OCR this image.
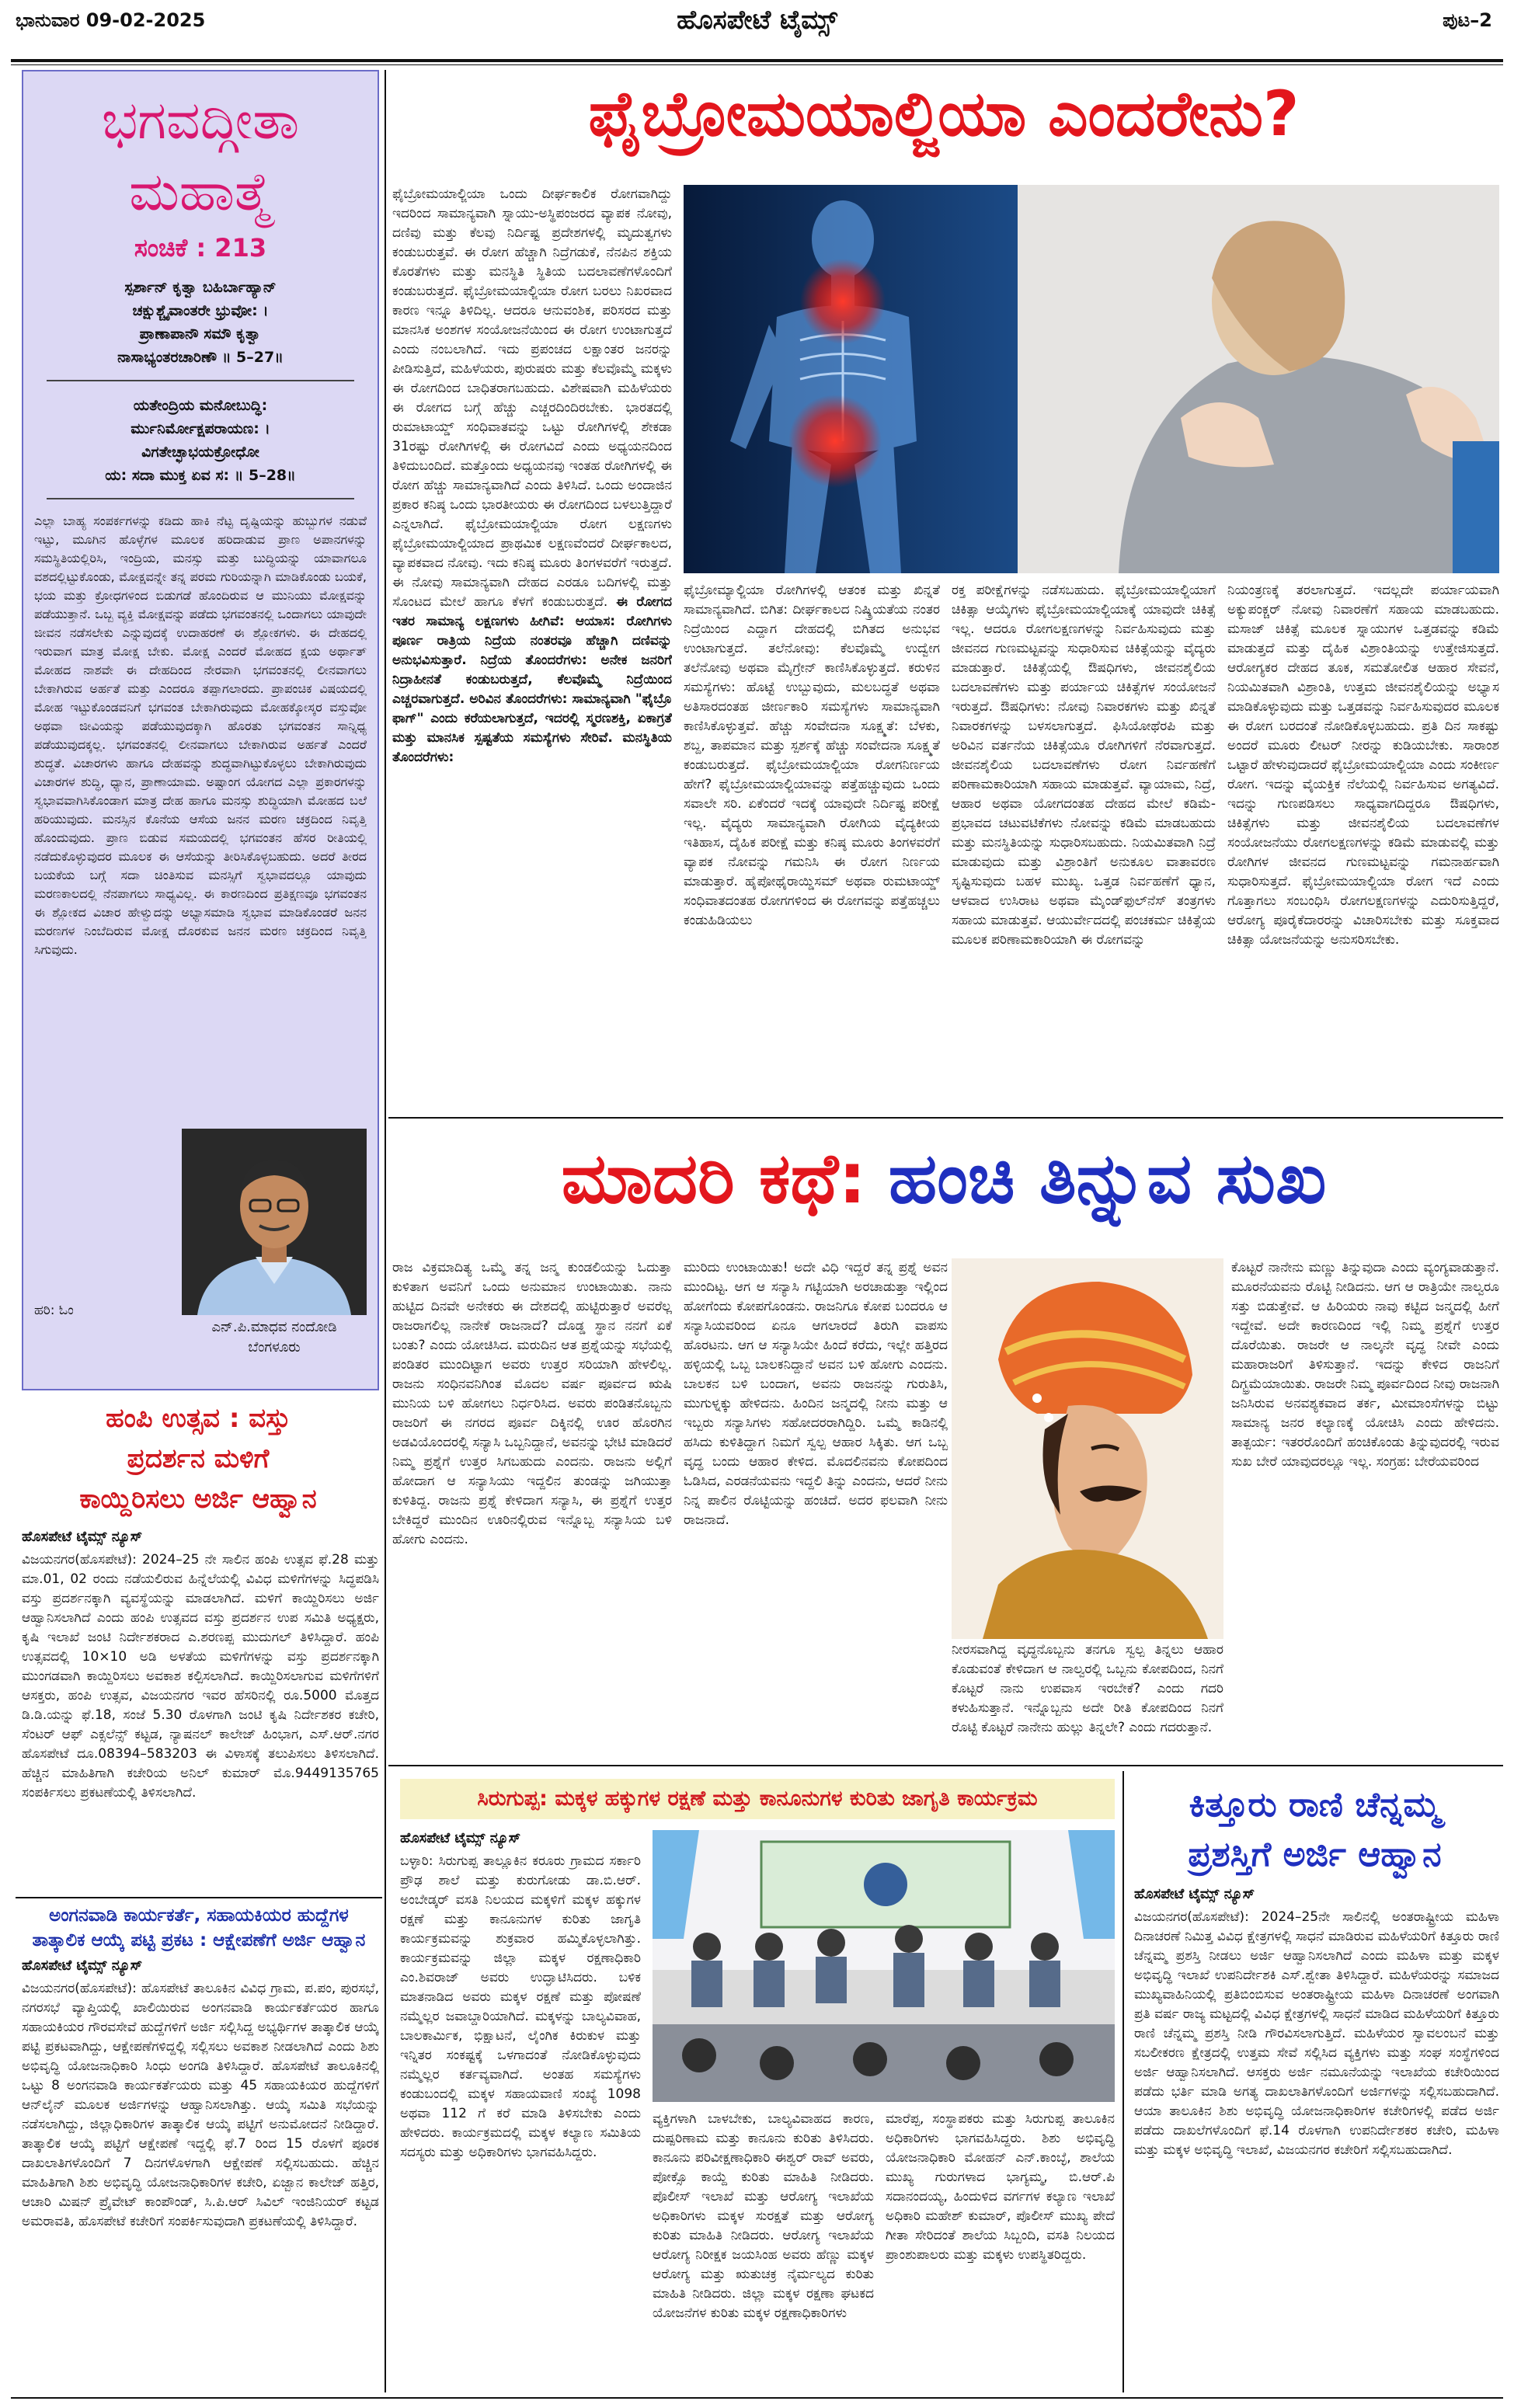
ಭಾನುವಾರ 09-02-2025	ಹೊಸಪೇಟೆ ಟೈಮ್ಸ್	ಪುಟ–2
ಭಗವದ್ಗೀತಾ
ಮಹಾತ್ಮೆ
ಸಂಚಿಕೆ : 213
ಸ್ಪರ್ಶಾನ್ ಕೃತ್ವಾ ಬಹಿರ್ಬಾಹ್ಯಾನ್
ಚಕ್ಷುಶ್ಚೈವಾಂತರೇ ಭ್ರುವೋ: ।
ಪ್ರಾಣಾಪಾನೌ ಸಮೌ ಕೃತ್ವಾ
ನಾಸಾಭ್ಯಂತರಚಾರಿಣೌ ॥ 5–27॥
ಯತೇಂದ್ರಿಯ ಮನೋಬುದ್ಧಿ:
ರ್ಮುನಿರ್ಮೋಕ್ಷಪರಾಯಣ: ।
ವಿಗತೇಚ್ಛಾಭಯಕ್ರೋಧೋ
ಯ: ಸದಾ ಮುಕ್ತ ಏವ ಸ: ॥ 5–28॥
ಎಲ್ಲಾ ಬಾಹ್ಯ ಸಂಪರ್ಕಗಳನ್ನು ಕಡಿದು ಹಾಕಿ ನೆಟ್ಟ ದೃಷ್ಟಿಯನ್ನು ಹುಬ್ಬುಗಳ ನಡುವೆ ಇಟ್ಟು, ಮೂಗಿನ ಹೊಳ್ಳೆಗಳ ಮೂಲಕ ಹರಿದಾಡುವ ಪ್ರಾಣ ಅಪಾನಗಳನ್ನು ಸಮಸ್ಥಿತಿಯಲ್ಲಿರಿಸಿ, ಇಂದ್ರಿಯ, ಮನಸ್ಸು ಮತ್ತು ಬುದ್ಧಿಯನ್ನು ಯಾವಾಗಲೂ ವಶದಲ್ಲಿಟ್ಟುಕೊಂಡು, ಮೋಕ್ಷವನ್ನೇ ತನ್ನ ಪರಮ ಗುರಿಯನ್ನಾಗಿ ಮಾಡಿಕೊಂಡು ಬಯಕೆ, ಭಯ ಮತ್ತು ಕ್ರೋಧಗಳಿಂದ ಬಿಡುಗಡೆ ಹೊಂದಿರುವ ಆ ಮುನಿಯು ಮೋಕ್ಷವನ್ನು ಪಡೆಯುತ್ತಾನೆ. ಒಬ್ಬ ವ್ಯಕ್ತಿ ಮೋಕ್ಷವನ್ನು ಪಡೆದು ಭಗವಂತನಲ್ಲಿ ಒಂದಾಗಲು ಯಾವುದೇ ಜೀವನ ನಡೆಸಲೇಕು ಎನ್ನುವುದಕ್ಕೆ ಉದಾಹರಣೆ ಈ ಶ್ಲೋಕಗಳು. ಈ ದೇಹದಲ್ಲಿ ಇರುವಾಗ ಮಾತ್ರ ಮೋಕ್ಷ ಬೇಕು. ಮೋಕ್ಷ ಎಂದರೆ ಮೋಹದ ಕ್ಷಯ ಅರ್ಥಾತ್ ಮೋಹದ ನಾಶವೇ ಈ ದೇಹದಿಂದ ನೇರವಾಗಿ ಭಗವಂತನಲ್ಲಿ ಲೀನವಾಗಲು ಬೇಕಾಗಿರುವ ಅರ್ಹತೆ ಮತ್ತು ಎಂದರೂ ತಪ್ಪಾಗಲಾರದು. ಪ್ರಾಪಂಚಿಕ ವಿಷಯದಲ್ಲಿ ಮೋಹ ಇಟ್ಟುಕೊಂಡವನಿಗೆ ಭಗವಂತ ಬೇಕಾಗಿರುವುದು ಮೋಹಕ್ಕೋಸ್ಕರ ವಸ್ತುವೋ ಅಥವಾ ಜೀವಿಯನ್ನು ಪಡೆಯುವುದಕ್ಕಾಗಿ ಹೊರತು ಭಗವಂತನ ಸಾನ್ನಿಧ್ಯ ಪಡೆಯುವುದಕ್ಕಲ್ಲ. ಭಗವಂತನಲ್ಲಿ ಲೀನವಾಗಲು ಬೇಕಾಗಿರುವ ಅರ್ಹತೆ ಎಂದರೆ ಶುದ್ಧತೆ. ವಿಚಾರಗಳು ಹಾಗೂ ದೇಹವನ್ನು ಶುದ್ಧವಾಗಿಟ್ಟುಕೊಳ್ಳಲು ಬೇಕಾಗಿರುವುದು ವಿಚಾರಗಳ ಶುದ್ಧಿ, ಧ್ಯಾನ, ಪ್ರಾಣಾಯಾಮ. ಅಷ್ಟಾಂಗ ಯೋಗದ ಎಲ್ಲಾ ಪ್ರಕಾರಗಳನ್ನು ಸ್ವಭಾವವಾಗಿಸಿಕೊಂಡಾಗ ಮಾತ್ರ ದೇಹ ಹಾಗೂ ಮನಸ್ಸು ಶುದ್ಧಿಯಾಗಿ ಮೋಹದ ಬಲೆ ಹರಿಯುವುದು. ಮನಸ್ಸಿನ ಕೊನೆಯ ಆಸೆಯ ಜನನ ಮರಣ ಚಕ್ರದಿಂದ ನಿವೃತ್ತಿ ಹೊಂದುವುದು. ಪ್ರಾಣ ಬಿಡುವ ಸಮಯದಲ್ಲಿ ಭಗವಂತನ ಹೆಸರ ರೀತಿಯಲ್ಲಿ ನಡೆದುಕೊಳ್ಳುವುದರ ಮೂಲಕ ಈ ಆಸೆಯನ್ನು ತೀರಿಸಿಕೊಳ್ಳಬಹುದು. ಅದರೆ ತೀರದ ಬಯಕೆಯ ಬಗ್ಗೆ ಸದಾ ಚಿಂತಿಸುವ ಮನಸ್ಸಿಗೆ ಸ್ವಭಾವದಲ್ಲೂ ಯಾವುದು ಮರಣಕಾಲದಲ್ಲಿ ನೆನಪಾಗಲು ಸಾಧ್ಯವಿಲ್ಲ. ಈ ಕಾರಣದಿಂದ ಪ್ರತಿಕ್ಷಣವೂ ಭಗವಂತನ ಈ ಶ್ಲೋಕದ ವಿಚಾರ ಹೇಳ್ವುದನ್ನು ಅಭ್ಯಾಸಮಾಡಿ ಸ್ವಭಾವ ಮಾಡಿಕೊಂಡರೆ ಜನನ ಮರಣಗಳ ನಿಂಬೆದಿರುವ ಮೋಕ್ಷ ದೊರಕುವ ಜನನ ಮರಣ ಚಕ್ರದಿಂದ ನಿವೃತ್ತಿ ಸಿಗುವುದು.
ಹರಿ: ಓಂ
ಎನ್.ಪಿ.ಮಾಧವ ನಂದೋಡಿ
ಬೆಂಗಳೂರು
ಫೈಬ್ರೋಮಯಾಲ್ಜಿಯಾ ಎಂದರೇನು?
ಫೈಬ್ರೋಮಯಾಲ್ಜಿಯಾ ಒಂದು ದೀರ್ಘಕಾಲಿಕ ರೋಗವಾಗಿದ್ದು ಇದರಿಂದ ಸಾಮಾನ್ಯವಾಗಿ ಸ್ನಾಯು-ಅಸ್ಥಿಪಂಜರದ ವ್ಯಾಪಕ ನೋವು, ದಣಿವು ಮತ್ತು ಕೆಲವು ನಿರ್ದಿಷ್ಟ ಪ್ರದೇಶಗಳಲ್ಲಿ ಮೃದುತ್ವಗಳು ಕಂಡುಬರುತ್ತವೆ. ಈ ರೋಗ ಹೆಚ್ಚಾಗಿ ನಿದ್ರೆಗಡುಕೆ, ನೆನಪಿನ ಶಕ್ತಿಯ ಕೊರತೆಗಳು ಮತ್ತು ಮನಸ್ಥಿತಿ ಸ್ಥಿತಿಯ ಬದಲಾವಣೆಗಳೊಂದಿಗೆ ಕಂಡುಬರುತ್ತದೆ. ಫೈಬ್ರೋಮಯಾಲ್ಜಿಯಾ ರೋಗ ಬರಲು ನಿಖರವಾದ ಕಾರಣ ಇನ್ನೂ ತಿಳಿದಿಲ್ಲ. ಆದರೂ ಆನುವಂಶಿಕ, ಪರಿಸರದ ಮತ್ತು ಮಾನಸಿಕ ಅಂಶಗಳ ಸಂಯೋಜನೆಯಿಂದ ಈ ರೋಗ ಉಂಟಾಗುತ್ತದೆ ಎಂದು ನಂಬಲಾಗಿದೆ. ಇದು ಪ್ರಪಂಚದ ಲಕ್ಷಾಂತರ ಜನರನ್ನು ಪೀಡಿಸುತ್ತಿದೆ, ಮಹಿಳೆಯರು, ಪುರುಷರು ಮತ್ತು ಕೆಲವೊಮ್ಮೆ ಮಕ್ಕಳು ಈ ರೋಗದಿಂದ ಬಾಧಿತರಾಗಬಹುದು. ವಿಶೇಷವಾಗಿ ಮಹಿಳೆಯರು ಈ ರೋಗದ ಬಗ್ಗೆ ಹೆಚ್ಚು ಎಚ್ಚರದಿಂದಿರಬೇಕು. ಭಾರತದಲ್ಲಿ ರುಮಾಟಾಯ್ಡ್ ಸಂಧಿವಾತವನ್ನು ಒಟ್ಟು ರೋಗಿಗಳಲ್ಲಿ ಶೇಕಡಾ 31ರಷ್ಟು ರೋಗಿಗಳಲ್ಲಿ ಈ ರೋಗವಿದೆ ಎಂದು ಅಧ್ಯಯನದಿಂದ ತಿಳಿದುಬಂದಿದೆ. ಮತ್ತೊಂದು ಅಧ್ಯಯನವು ಇಂತಹ ರೋಗಿಗಳಲ್ಲಿ ಈ ರೋಗ ಹೆಚ್ಚು ಸಾಮಾನ್ಯವಾಗಿದೆ ಎಂದು ತಿಳಿಸಿದೆ. ಒಂದು ಅಂದಾಜಿನ ಪ್ರಕಾರ ಕನಿಷ್ಠ ಒಂದು ಭಾರತೀಯರು ಈ ರೋಗದಿಂದ ಬಳಲುತ್ತಿದ್ದಾರೆ ಎನ್ನಲಾಗಿದೆ. ಫೈಬ್ರೋಮಯಾಲ್ಜಿಯಾ ರೋಗ ಲಕ್ಷಣಗಳು ಫೈಬ್ರೋಮಯಾಲ್ಜಿಯಾದ ಪ್ರಾಥಮಿಕ ಲಕ್ಷಣವೆಂದರೆ ದೀರ್ಘಕಾಲದ, ವ್ಯಾಪಕವಾದ ನೋವು. ಇದು ಕನಿಷ್ಠ ಮೂರು ತಿಂಗಳವರೆಗೆ ಇರುತ್ತದೆ. ಈ ನೋವು ಸಾಮಾನ್ಯವಾಗಿ ದೇಹದ ಎರಡೂ ಬದಿಗಳಲ್ಲಿ ಮತ್ತು ಸೊಂಟದ ಮೇಲೆ ಹಾಗೂ ಕೆಳಗೆ ಕಂಡುಬರುತ್ತದೆ. ಈ ರೋಗದ ಇತರ ಸಾಮಾನ್ಯ ಲಕ್ಷಣಗಳು ಹೀಗಿವೆ: ಆಯಾಸ: ರೋಗಿಗಳು ಪೂರ್ಣ ರಾತ್ರಿಯ ನಿದ್ರೆಯ ನಂತರವೂ ಹೆಚ್ಚಾಗಿ ದಣಿವನ್ನು ಅನುಭವಿಸುತ್ತಾರೆ. ನಿದ್ರೆಯ ತೊಂದರೆಗಳು: ಅನೇಕ ಜನರಿಗೆ ನಿದ್ರಾಹೀನತೆ ಕಂಡುಬರುತ್ತದೆ, ಕೆಲವೊಮ್ಮೆ ನಿದ್ರೆಯಿಂದ ಎಚ್ಚರವಾಗುತ್ತದೆ. ಅರಿವಿನ ತೊಂದರೆಗಳು: ಸಾಮಾನ್ಯವಾಗಿ "ಫೈಬ್ರೊ ಫಾಗ್" ಎಂದು ಕರೆಯಲಾಗುತ್ತದೆ, ಇದರಲ್ಲಿ ಸ್ಮರಣಶಕ್ತಿ, ಏಕಾಗ್ರತೆ ಮತ್ತು ಮಾನಸಿಕ ಸ್ಪಷ್ಟತೆಯ ಸಮಸ್ಯೆಗಳು ಸೇರಿವೆ. ಮನಸ್ಥಿತಿಯ ತೊಂದರೆಗಳು:
ಫೈಬ್ರೋಮ್ಯಾಲ್ಜಿಯಾ ರೋಗಿಗಳಲ್ಲಿ ಆತಂಕ ಮತ್ತು ಖಿನ್ನತೆ ಸಾಮಾನ್ಯವಾಗಿದೆ. ಬಿಗಿತ: ದೀರ್ಘಕಾಲದ ನಿಷ್ಕ್ರಿಯತೆಯ ನಂತರ ನಿದ್ರೆಯಿಂದ ಎದ್ದಾಗ ದೇಹದಲ್ಲಿ ಬಿಗಿತದ ಅನುಭವ ಉಂಟಾಗುತ್ತದೆ. ತಲೆನೋವು: ಕೆಲವೊಮ್ಮೆ ಉದ್ವೇಗ ತಲೆನೋವು ಅಥವಾ ಮೈಗ್ರೇನ್ ಕಾಣಿಸಿಕೊಳ್ಳುತ್ತದೆ. ಕರುಳಿನ ಸಮಸ್ಯೆಗಳು: ಹೊಟ್ಟೆ ಉಬ್ಬುವುದು, ಮಲಬದ್ಧತೆ ಅಥವಾ ಅತಿಸಾರದಂತಹ ಜೀರ್ಣಕಾರಿ ಸಮಸ್ಯೆಗಳು ಸಾಮಾನ್ಯವಾಗಿ ಕಾಣಿಸಿಕೊಳ್ಳುತ್ತವೆ. ಹೆಚ್ಚು ಸಂವೇದನಾ ಸೂಕ್ಷ್ಮತೆ: ಬೆಳಕು, ಶಬ್ದ, ತಾಪಮಾನ ಮತ್ತು ಸ್ಪರ್ಶಕ್ಕೆ ಹೆಚ್ಚು ಸಂವೇದನಾ ಸೂಕ್ಷ್ಮತೆ ಕಂಡುಬರುತ್ತದೆ. ಫೈಬ್ರೋಮಯಾಲ್ಜಿಯಾ ರೋಗನಿರ್ಣಯ ಹೇಗೆ? ಫೈಬ್ರೋಮಯಾಲ್ಜಿಯಾವನ್ನು ಪತ್ತೆಹಚ್ಚುವುದು ಒಂದು ಸವಾಲೇ ಸರಿ. ಏಕೆಂದರೆ ಇದಕ್ಕೆ ಯಾವುದೇ ನಿರ್ದಿಷ್ಟ ಪರೀಕ್ಷೆ ಇಲ್ಲ. ವೈದ್ಯರು ಸಾಮಾನ್ಯವಾಗಿ ರೋಗಿಯ ವೈದ್ಯಕೀಯ ಇತಿಹಾಸ, ದೈಹಿಕ ಪರೀಕ್ಷೆ ಮತ್ತು ಕನಿಷ್ಠ ಮೂರು ತಿಂಗಳವರೆಗೆ ವ್ಯಾಪಕ ನೋವನ್ನು ಗಮನಿಸಿ ಈ ರೋಗ ನಿರ್ಣಯ ಮಾಡುತ್ತಾರೆ. ಹೈಪೋಥೈರಾಯ್ಡಿಸಮ್ ಅಥವಾ ರುಮಟಾಯ್ಡ್ ಸಂಧಿವಾತದಂತಹ ರೋಗಗಳಿಂದ ಈ ರೋಗವನ್ನು ಪತ್ತೆಹಚ್ಚಲು ಕಂಡುಹಿಡಿಯಲು
ರಕ್ತ ಪರೀಕ್ಷೆಗಳನ್ನು ನಡೆಸಬಹುದು. ಫೈಬ್ರೋಮಯಾಲ್ಜಿಯಾಗೆ ಚಿಕಿತ್ಸಾ ಆಯ್ಕೆಗಳು ಫೈಬ್ರೋಮಯಾಲ್ಜಿಯಾಕ್ಕೆ ಯಾವುದೇ ಚಿಕಿತ್ಸೆ ಇಲ್ಲ. ಆದರೂ ರೋಗಲಕ್ಷಣಗಳನ್ನು ನಿರ್ವಹಿಸುವುದು ಮತ್ತು ಜೀವನದ ಗುಣಮಟ್ಟವನ್ನು ಸುಧಾರಿಸುವ ಚಿಕಿತ್ಸೆಯನ್ನು ವೈದ್ಯರು ಮಾಡುತ್ತಾರೆ. ಚಿಕಿತ್ಸೆಯಲ್ಲಿ ಔಷಧಿಗಳು, ಜೀವನಶೈಲಿಯ ಬದಲಾವಣೆಗಳು ಮತ್ತು ಪರ್ಯಾಯ ಚಿಕಿತ್ಸೆಗಳ ಸಂಯೋಜನೆ ಇರುತ್ತದೆ. ಔಷಧಿಗಳು: ನೋವು ನಿವಾರಕಗಳು ಮತ್ತು ಖಿನ್ನತೆ ನಿವಾರಕಗಳನ್ನು ಬಳಸಲಾಗುತ್ತದೆ. ಫಿಸಿಯೋಥೆರಪಿ ಮತ್ತು ಅರಿವಿನ ವರ್ತನೆಯ ಚಿಕಿತ್ಸೆಯೂ ರೋಗಿಗಳಿಗೆ ನೆರವಾಗುತ್ತದೆ. ಜೀವನಶೈಲಿಯ ಬದಲಾವಣೆಗಳು ರೋಗ ನಿರ್ವಹಣೆಗೆ ಪರಿಣಾಮಕಾರಿಯಾಗಿ ಸಹಾಯ ಮಾಡುತ್ತವೆ. ವ್ಯಾಯಾಮ, ನಿದ್ರೆ, ಆಹಾರ ಅಥವಾ ಯೋಗದಂತಹ ದೇಹದ ಮೇಲೆ ಕಡಿಮೆ-ಪ್ರಭಾವದ ಚಟುವಟಿಕೆಗಳು ನೋವನ್ನು ಕಡಿಮೆ ಮಾಡಬಹುದು ಮತ್ತು ಮನಸ್ಥಿತಿಯನ್ನು ಸುಧಾರಿಸಬಹುದು. ನಿಯಮಿತವಾಗಿ ನಿದ್ರೆ ಮಾಡುವುದು ಮತ್ತು ವಿಶ್ರಾಂತಿಗೆ ಅನುಕೂಲ ವಾತಾವರಣ ಸೃಷ್ಟಿಸುವುದು ಬಹಳ ಮುಖ್ಯ. ಒತ್ತಡ ನಿರ್ವಹಣೆಗೆ ಧ್ಯಾನ, ಆಳವಾದ ಉಸಿರಾಟ ಅಥವಾ ಮೈಂಡ್‌ಫುಲ್‌ನೆಸ್ ತಂತ್ರಗಳು ಸಹಾಯ ಮಾಡುತ್ತವೆ. ಆಯುರ್ವೇದದಲ್ಲಿ ಪಂಚಕರ್ಮ ಚಿಕಿತ್ಸೆಯ ಮೂಲಕ ಪರಿಣಾಮಕಾರಿಯಾಗಿ ಈ ರೋಗವನ್ನು
ನಿಯಂತ್ರಣಕ್ಕೆ ತರಲಾಗುತ್ತದೆ. ಇದಲ್ಲದೇ ಪರ್ಯಾಯವಾಗಿ ಅಕ್ಯುಪಂಕ್ಚರ್ ನೋವು ನಿವಾರಣೆಗೆ ಸಹಾಯ ಮಾಡಬಹುದು. ಮಸಾಜ್ ಚಿಕಿತ್ಸೆ ಮೂಲಕ ಸ್ನಾಯುಗಳ ಒತ್ತಡವನ್ನು ಕಡಿಮೆ ಮಾಡುತ್ತದೆ ಮತ್ತು ದೈಹಿಕ ವಿಶ್ರಾಂತಿಯನ್ನು ಉತ್ತೇಜಿಸುತ್ತದೆ. ಆರೋಗ್ಯಕರ ದೇಹದ ತೂಕ, ಸಮತೋಲಿತ ಆಹಾರ ಸೇವನೆ, ನಿಯಮಿತವಾಗಿ ವಿಶ್ರಾಂತಿ, ಉತ್ತಮ ಜೀವನಶೈಲಿಯನ್ನು ಅಭ್ಯಾಸ ಮಾಡಿಕೊಳ್ಳುವುದು ಮತ್ತು ಒತ್ತಡವನ್ನು ನಿರ್ವಹಿಸುವುದರ ಮೂಲಕ ಈ ರೋಗ ಬರದಂತೆ ನೋಡಿಕೊಳ್ಳಬಹುದು. ಪ್ರತಿ ದಿನ ಸಾಕಷ್ಟು ಅಂದರೆ ಮೂರು ಲೀಟರ್ ನೀರನ್ನು ಕುಡಿಯಬೇಕು. ಸಾರಾಂಶ ಒಟ್ಟಾರೆ ಹೇಳುವುದಾದರೆ ಫೈಬ್ರೋಮಯಾಲ್ಜಿಯಾ ಎಂದು ಸಂಕೀರ್ಣ ರೋಗ. ಇದನ್ನು ವೈಯಕ್ತಿಕ ನೆಲೆಯಲ್ಲಿ ನಿರ್ವಹಿಸುವ ಅಗತ್ಯವಿದೆ. ಇದನ್ನು ಗುಣಪಡಿಸಲು ಸಾಧ್ಯವಾಗದಿದ್ದರೂ ಔಷಧಿಗಳು, ಚಿಕಿತ್ಸೆಗಳು ಮತ್ತು ಜೀವನಶೈಲಿಯ ಬದಲಾವಣೆಗಳ ಸಂಯೋಜನೆಯು ರೋಗಲಕ್ಷಣಗಳನ್ನು ಕಡಿಮೆ ಮಾಡುವಲ್ಲಿ ಮತ್ತು ರೋಗಿಗಳ ಜೀವನದ ಗುಣಮಟ್ಟವನ್ನು ಗಮನಾರ್ಹವಾಗಿ ಸುಧಾರಿಸುತ್ತದೆ. ಫೈಬ್ರೋಮಯಾಲ್ಜಿಯಾ ರೋಗ ಇದೆ ಎಂದು ಗೊತ್ತಾಗಲು ಸಂಬಂಧಿಸಿ ರೋಗಲಕ್ಷಣಗಳನ್ನು ಎದುರಿಸುತ್ತಿದ್ದರೆ, ಆರೋಗ್ಯ ಪೂರೈಕೆದಾರರನ್ನು ವಿಚಾರಿಸಬೇಕು ಮತ್ತು ಸೂಕ್ತವಾದ ಚಿಕಿತ್ಸಾ ಯೋಜನೆಯನ್ನು ಅನುಸರಿಸಬೇಕು.
ಮಾದರಿ ಕಥೆ: ಹಂಚಿ ತಿನ್ನುವ ಸುಖ
ರಾಜ ವಿಕ್ರಮಾದಿತ್ಯ ಒಮ್ಮೆ ತನ್ನ ಜನ್ಮ ಕುಂಡಲಿಯನ್ನು ಓದುತ್ತಾ ಕುಳಿತಾಗ ಅವನಿಗೆ ಒಂದು ಅನುಮಾನ ಉಂಟಾಯಿತು. ನಾನು ಹುಟ್ಟಿದ ದಿನವೇ ಅನೇಕರು ಈ ದೇಶದಲ್ಲಿ ಹುಟ್ಟಿರುತ್ತಾರೆ ಅವರೆಲ್ಲ ರಾಜರಾಗಲಿಲ್ಲ ನಾನೇಕೆ ರಾಜನಾದೆ? ದೊಡ್ಡ ಸ್ಥಾನ ನನಗೆ ಏಕೆ ಬಂತು? ಎಂದು ಯೋಚಿಸಿದ. ಮರುದಿನ ಆತ ಪ್ರಶ್ನೆಯನ್ನು ಸಭೆಯಲ್ಲಿ ಪಂಡಿತರ ಮುಂದಿಟ್ಟಾಗ ಅವರು ಉತ್ತರ ಸರಿಯಾಗಿ ಹೇಳಲಿಲ್ಲ. ರಾಜನು ಸಂಧಿನವನಿಗಿಂತ ಮೊದಲ ವರ್ಷ ಪೂರ್ವದ ಋಷಿ ಮುನಿಯ ಬಳಿ ಹೋಗಲು ನಿರ್ಧರಿಸಿದ. ಅವರು ಪಂಡಿತನೊಬ್ಬನು ರಾಜರಿಗೆ ಈ ನಗರದ ಪೂರ್ವ ದಿಕ್ಕಿನಲ್ಲಿ ಊರ ಹೊರಗಿನ ಅಡವಿಯೊಂದರಲ್ಲಿ ಸನ್ಯಾಸಿ ಒಬ್ಬನಿದ್ದಾನೆ, ಅವನನ್ನು ಭೇಟಿ ಮಾಡಿದರೆ ನಿಮ್ಮ ಪ್ರಶ್ನೆಗೆ ಉತ್ತರ ಸಿಗಬಹುದು ಎಂದನು. ರಾಜನು ಅಲ್ಲಿಗೆ ಹೋದಾಗ ಆ ಸನ್ಯಾಸಿಯು ಇದ್ದಲಿನ ತುಂಡನ್ನು ಜಗಿಯುತ್ತಾ ಕುಳಿತಿದ್ದ. ರಾಜನು ಪ್ರಶ್ನೆ ಕೇಳಿದಾಗ ಸನ್ಯಾಸಿ, ಈ ಪ್ರಶ್ನೆಗೆ ಉತ್ತರ ಬೇಕಿದ್ದರೆ ಮುಂದಿನ ಊರಿನಲ್ಲಿರುವ ಇನ್ನೊಬ್ಬ ಸನ್ಯಾಸಿಯ ಬಳಿ ಹೋಗು ಎಂದನು.
ಮುರಿದು ಉಂಟಾಯಿತು! ಅದೇ ವಿಧಿ ಇದ್ದರೆ ತನ್ನ ಪ್ರಶ್ನೆ ಅವನ ಮುಂದಿಟ್ಟ. ಆಗ ಆ ಸನ್ಯಾಸಿ ಗಟ್ಟಿಯಾಗಿ ಅರಚಾಡುತ್ತಾ ಇಲ್ಲಿಂದ ಹೋಗೆಂದು ಕೋಪಗೊಂಡನು. ರಾಜನಿಗೂ ಕೋಪ ಬಂದರೂ ಆ ಸನ್ಯಾಸಿಯವರಿಂದ ಏನೂ ಆಗಲಾರದೆ ತಿರುಗಿ ವಾಪಸು ಹೊರಟನು. ಆಗ ಆ ಸನ್ಯಾಸಿಯೇ ಹಿಂದೆ ಕರೆದು, ಇಲ್ಲೇ ಹತ್ತಿರದ ಹಳ್ಳಿಯಲ್ಲಿ ಒಬ್ಬ ಬಾಲಕನಿದ್ದಾನೆ ಅವನ ಬಳಿ ಹೋಗು ಎಂದನು. ಬಾಲಕನ ಬಳಿ ಬಂದಾಗ, ಅವನು ರಾಜನನ್ನು ಗುರುತಿಸಿ, ಮುಗುಳ್ನಕ್ಕು ಹೇಳಿದನು. ಹಿಂದಿನ ಜನ್ಮದಲ್ಲಿ ನೀನು ಮತ್ತು ಆ ಇಬ್ಬರು ಸನ್ಯಾಸಿಗಳು ಸಹೋದರರಾಗಿದ್ದಿರಿ. ಒಮ್ಮೆ ಕಾಡಿನಲ್ಲಿ ಹಸಿದು ಕುಳಿತಿದ್ದಾಗ ನಿಮಗೆ ಸ್ವಲ್ಪ ಆಹಾರ ಸಿಕ್ಕಿತು. ಆಗ ಒಬ್ಬ ವೃದ್ಧ ಬಂದು ಆಹಾರ ಕೇಳಿದ. ಮೊದಲಿನವನು ಕೋಪದಿಂದ ಓಡಿಸಿದ, ಎರಡನೆಯವನು ಇದ್ದಲಿ ತಿನ್ನು ಎಂದನು, ಆದರೆ ನೀನು ನಿನ್ನ ಪಾಲಿನ ರೊಟ್ಟಿಯನ್ನು ಹಂಚಿದೆ. ಅದರ ಫಲವಾಗಿ ನೀನು ರಾಜನಾದೆ.
ನೀರಸವಾಗಿದ್ದ ವೃದ್ಧನೊಬ್ಬನು ತನಗೂ ಸ್ವಲ್ಪ ತಿನ್ನಲು ಆಹಾರ ಕೊಡುವಂತೆ ಕೇಳಿದಾಗ ಆ ನಾಲ್ವರಲ್ಲಿ ಒಬ್ಬನು ಕೋಪದಿಂದ, ನಿನಗೆ ಕೊಟ್ಟರೆ ನಾನು ಉಪವಾಸ ಇರಬೇಕೆ? ಎಂದು ಗದರಿ ಕಳುಹಿಸುತ್ತಾನೆ. ಇನ್ನೊಬ್ಬನು ಅದೇ ರೀತಿ ಕೋಪದಿಂದ ನಿನಗೆ ರೊಟ್ಟಿ ಕೊಟ್ಟರೆ ನಾನೇನು ಹುಲ್ಲು ತಿನ್ನಲೇ? ಎಂದು ಗದರುತ್ತಾನೆ.
ಕೊಟ್ಟರೆ ನಾನೇನು ಮಣ್ಣು ತಿನ್ನುವುದಾ ಎಂದು ವ್ಯಂಗ್ಯವಾಡುತ್ತಾನೆ. ಮೂರನೆಯವನು ರೊಟ್ಟಿ ನೀಡಿದನು. ಆಗ ಆ ರಾತ್ರಿಯೇ ನಾಲ್ವರೂ ಸತ್ತು ಬಿಡುತ್ತೇವೆ. ಆ ಹಿರಿಯರು ನಾವು ಕಟ್ಟಿದ ಜನ್ಮದಲ್ಲಿ ಹೀಗೆ ಇದ್ದೇವೆ. ಅದೇ ಕಾರಣದಿಂದ ಇಲ್ಲಿ ನಿಮ್ಮ ಪ್ರಶ್ನೆಗೆ ಉತ್ತರ ದೊರೆಯಿತು. ರಾಜರೇ ಆ ನಾಲ್ಕನೇ ವೃದ್ಧ ನೀವೇ ಎಂದು ಮಹಾರಾಜರಿಗೆ ತಿಳಿಸುತ್ತಾನೆ. ಇದನ್ನು ಕೇಳಿದ ರಾಜನಿಗೆ ದಿಗ್ಭ್ರಮೆಯಾಯಿತು. ರಾಜರೇ ನಿಮ್ಮ ಪೂರ್ವದಿಂದ ನೀವು ರಾಜನಾಗಿ ಜನಿಸಿರುವ ಅನವಶ್ಯಕವಾದ ತರ್ಕ, ಮೀಮಾಂಸೆಗಳನ್ನು ಬಿಟ್ಟು ಸಾಮಾನ್ಯ ಜನರ ಕಲ್ಯಾಣಕ್ಕೆ ಯೋಚಿಸಿ ಎಂದು ಹೇಳಿದನು. ತಾತ್ಪರ್ಯ: ಇತರರೊಂದಿಗೆ ಹಂಚಿಕೊಂಡು ತಿನ್ನುವುದರಲ್ಲಿ ಇರುವ ಸುಖ ಬೇರೆ ಯಾವುದರಲ್ಲೂ ಇಲ್ಲ. ಸಂಗ್ರಹ: ಬೇರೆಯವರಿಂದ
ಹಂಪಿ ಉತ್ಸವ : ವಸ್ತು
ಪ್ರದರ್ಶನ ಮಳಿಗೆ
ಕಾಯ್ದಿರಿಸಲು ಅರ್ಜಿ ಆಹ್ವಾನ
ಹೊಸಪೇಟೆ ಟೈಮ್ಸ್ ನ್ಯೂಸ್
ವಿಜಯನಗರ(ಹೊಸಪೇಟೆ): 2024–25 ನೇ ಸಾಲಿನ ಹಂಪಿ ಉತ್ಸವ ಫೆ.28 ಮತ್ತು ಮಾ.01, 02 ರಂದು ನಡೆಯಲಿರುವ ಹಿನ್ನೆಲೆಯಲ್ಲಿ ವಿವಿಧ ಮಳಿಗೆಗಳನ್ನು ಸಿದ್ಧಪಡಿಸಿ ವಸ್ತು ಪ್ರದರ್ಶನಕ್ಕಾಗಿ ವ್ಯವಸ್ಥೆಯನ್ನು ಮಾಡಲಾಗಿದೆ. ಮಳಿಗೆ ಕಾಯ್ದಿರಿಸಲು ಅರ್ಜಿ ಆಹ್ವಾನಿಸಲಾಗಿದೆ ಎಂದು ಹಂಪಿ ಉತ್ಸವದ ವಸ್ತು ಪ್ರದರ್ಶನ ಉಪ ಸಮಿತಿ ಅಧ್ಯಕ್ಷರು, ಕೃಷಿ ಇಲಾಖೆ ಜಂಟಿ ನಿರ್ದೇಶಕರಾದ ಎ.ಶರಣಪ್ಪ ಮುದುಗಲ್ ತಿಳಿಸಿದ್ದಾರೆ. ಹಂಪಿ ಉತ್ಸವದಲ್ಲಿ 10×10 ಅಡಿ ಅಳತೆಯ ಮಳಿಗೆಗಳನ್ನು ವಸ್ತು ಪ್ರದರ್ಶನಕ್ಕಾಗಿ ಮುಂಗಡವಾಗಿ ಕಾಯ್ದಿರಿಸಲು ಅವಕಾಶ ಕಲ್ಪಿಸಲಾಗಿದೆ. ಕಾಯ್ದಿರಿಸಲಾಗುವ ಮಳಿಗೆಗಳಿಗೆ ಆಸಕ್ತರು, ಹಂಪಿ ಉತ್ಸವ, ವಿಜಯನಗರ ಇವರ ಹೆಸರಿನಲ್ಲಿ ರೂ.5000 ಮೊತ್ತದ ಡಿ.ಡಿ.ಯನ್ನು ಫೆ.18, ಸಂಜೆ 5.30 ರೊಳಗಾಗಿ ಜಂಟಿ ಕೃಷಿ ನಿರ್ದೇಶಕರ ಕಚೇರಿ, ಸೆಂಟರ್ ಆಫ್ ಎಕ್ಸಲೆನ್ಸ್ ಕಟ್ಟಡ, ನ್ಯಾಷನಲ್ ಕಾಲೇಜ್ ಹಿಂಭಾಗ, ಎಸ್.ಆರ್.ನಗರ ಹೊಸಪೇಟೆ ದೂ.08394–583203 ಈ ವಿಳಾಸಕ್ಕೆ ತಲುಪಿಸಲು ತಿಳಿಸಲಾಗಿದೆ. ಹೆಚ್ಚಿನ ಮಾಹಿತಿಗಾಗಿ ಕಚೇರಿಯ ಅನಿಲ್ ಕುಮಾರ್ ಮೊ.9449135765 ಸಂಪರ್ಕಿಸಲು ಪ್ರಕಟಣೆಯಲ್ಲಿ ತಿಳಿಸಲಾಗಿದೆ.
ಅಂಗನವಾಡಿ ಕಾರ್ಯಕರ್ತೆ, ಸಹಾಯಕಿಯರ ಹುದ್ದೆಗಳ
ತಾತ್ಕಾಲಿಕ ಆಯ್ಕೆ ಪಟ್ಟಿ ಪ್ರಕಟ : ಆಕ್ಷೇಪಣೆಗೆ ಅರ್ಜಿ ಆಹ್ವಾನ
ಹೊಸಪೇಟೆ ಟೈಮ್ಸ್ ನ್ಯೂಸ್
ವಿಜಯನಗರ(ಹೊಸಪೇಟೆ): ಹೊಸಪೇಟೆ ತಾಲೂಕಿನ ವಿವಿಧ ಗ್ರಾಮ, ಪ.ಪಂ, ಪುರಸಭೆ, ನಗರಸಭೆ ವ್ಯಾಪ್ತಿಯಲ್ಲಿ ಖಾಲಿಯಿರುವ ಅಂಗನವಾಡಿ ಕಾರ್ಯಕರ್ತೆಯರ ಹಾಗೂ ಸಹಾಯಕಿಯರ ಗೌರವಸೇವೆ ಹುದ್ದೆಗಳಿಗೆ ಅರ್ಜಿ ಸಲ್ಲಿಸಿದ್ದ ಅಭ್ಯರ್ಥಿಗಳ ತಾತ್ಕಾಲಿಕ ಆಯ್ಕೆ ಪಟ್ಟಿ ಪ್ರಕಟವಾಗಿದ್ದು, ಆಕ್ಷೇಪಣೆಗಳಿದ್ದಲ್ಲಿ ಸಲ್ಲಿಸಲು ಅವಕಾಶ ನೀಡಲಾಗಿದೆ ಎಂದು ಶಿಶು ಅಭಿವೃದ್ಧಿ ಯೋಜನಾಧಿಕಾರಿ ಸಿಂಧು ಅಂಗಡಿ ತಿಳಿಸಿದ್ದಾರೆ. ಹೊಸಪೇಟೆ ತಾಲೂಕಿನಲ್ಲಿ ಒಟ್ಟು 8 ಅಂಗನವಾಡಿ ಕಾರ್ಯಕರ್ತೆಯರು ಮತ್ತು 45 ಸಹಾಯಕಿಯರ ಹುದ್ದೆಗಳಿಗೆ ಆನ್‌ಲೈನ್ ಮೂಲಕ ಅರ್ಜಿಗಳನ್ನು ಆಹ್ವಾನಿಸಲಾಗಿತ್ತು. ಆಯ್ಕೆ ಸಮಿತಿ ಸಭೆಯನ್ನು ನಡೆಸಲಾಗಿದ್ದು, ಜಿಲ್ಲಾಧಿಕಾರಿಗಳ ತಾತ್ಕಾಲಿಕ ಆಯ್ಕೆ ಪಟ್ಟಿಗೆ ಅನುಮೋದನೆ ನೀಡಿದ್ದಾರೆ. ತಾತ್ಕಾಲಿಕ ಆಯ್ಕೆ ಪಟ್ಟಿಗೆ ಆಕ್ಷೇಪಣೆ ಇದ್ದಲ್ಲಿ ಫೆ.7 ರಿಂದ 15 ರೊಳಗೆ ಪೂರಕ ದಾಖಲಾತಿಗಳೊಂದಿಗೆ 7 ದಿನಗಳೊಳಗಾಗಿ ಆಕ್ಷೇಪಣೆ ಸಲ್ಲಿಸಬಹುದು. ಹೆಚ್ಚಿನ ಮಾಹಿತಿಗಾಗಿ ಶಿಶು ಅಭಿವೃದ್ಧಿ ಯೋಜನಾಧಿಕಾರಿಗಳ ಕಚೇರಿ, ಏಜ್ಬಾನ ಕಾಲೇಜ್ ಹತ್ತಿರ, ಆಚಾರಿ ಮಿಷನ್ ಪ್ರೈವೇಟ್ ಕಾಂಪೌಂಡ್, ಸಿ.ಪಿ.ಆರ್ ಸಿವಿಲ್ ಇಂಜಿನಿಯರ್ ಕಟ್ಟಡ ಅಮರಾವತಿ, ಹೊಸಪೇಟೆ ಕಚೇರಿಗೆ ಸಂಪರ್ಕಿಸುವುದಾಗಿ ಪ್ರಕಟಣೆಯಲ್ಲಿ ತಿಳಿಸಿದ್ದಾರೆ.
ಸಿರುಗುಪ್ಪ: ಮಕ್ಕಳ ಹಕ್ಕುಗಳ ರಕ್ಷಣೆ ಮತ್ತು ಕಾನೂನುಗಳ ಕುರಿತು ಜಾಗೃತಿ ಕಾರ್ಯಕ್ರಮ
ಹೊಸಪೇಟೆ ಟೈಮ್ಸ್ ನ್ಯೂಸ್
ಬಳ್ಳಾರಿ: ಸಿರುಗುಪ್ಪ ತಾಲ್ಲೂಕಿನ ಕರೂರು ಗ್ರಾಮದ ಸರ್ಕಾರಿ ಪ್ರೌಢ ಶಾಲೆ ಮತ್ತು ಕುರುಗೋಡು ಡಾ.ಬಿ.ಆರ್. ಅಂಬೇಡ್ಕರ್ ವಸತಿ ನಿಲಯದ ಮಕ್ಕಳಿಗೆ ಮಕ್ಕಳ ಹಕ್ಕುಗಳ ರಕ್ಷಣೆ ಮತ್ತು ಕಾನೂನುಗಳ ಕುರಿತು ಜಾಗೃತಿ ಕಾರ್ಯಕ್ರಮವನ್ನು ಶುಕ್ರವಾರ ಹಮ್ಮಿಕೊಳ್ಳಲಾಗಿತ್ತು. ಕಾರ್ಯಕ್ರಮವನ್ನು ಜಿಲ್ಲಾ ಮಕ್ಕಳ ರಕ್ಷಣಾಧಿಕಾರಿ ಎಂ.ಶಿವರಾಜ್ ಅವರು ಉದ್ಘಾಟಿಸಿದರು. ಬಳಿಕ ಮಾತನಾಡಿದ ಅವರು ಮಕ್ಕಳ ರಕ್ಷಣೆ ಮತ್ತು ಪೋಷಣೆ ನಮ್ಮೆಲ್ಲರ ಜವಾಬ್ದಾರಿಯಾಗಿದೆ. ಮಕ್ಕಳನ್ನು ಬಾಲ್ಯವಿವಾಹ, ಬಾಲಕಾರ್ಮಿಕ, ಭಿಕ್ಷಾಟನೆ, ಲೈಂಗಿಕ ಕಿರುಕುಳ ಮತ್ತು ಇನ್ನಿತರ ಸಂಕಷ್ಟಕ್ಕೆ ಒಳಗಾದಂತೆ ನೋಡಿಕೊಳ್ಳುವುದು ನಮ್ಮೆಲ್ಲರ ಕರ್ತವ್ಯವಾಗಿದೆ. ಅಂತಹ ಸಮಸ್ಯೆಗಳು ಕಂಡುಬಂದಲ್ಲಿ ಮಕ್ಕಳ ಸಹಾಯವಾಣಿ ಸಂಖ್ಯೆ 1098 ಅಥವಾ 112 ಗೆ ಕರೆ ಮಾಡಿ ತಿಳಿಸಬೇಕು ಎಂದು ಹೇಳಿದರು. ಕಾರ್ಯಕ್ರಮದಲ್ಲಿ ಮಕ್ಕಳ ಕಲ್ಯಾಣ ಸಮಿತಿಯ ಸದಸ್ಯರು ಮತ್ತು ಅಧಿಕಾರಿಗಳು ಭಾಗವಹಿಸಿದ್ದರು.
ವ್ಯಕ್ತಿಗಳಾಗಿ ಬಾಳಬೇಕು, ಬಾಲ್ಯವಿವಾಹದ ಕಾರಣ, ದುಷ್ಪರಿಣಾಮ ಮತ್ತು ಕಾನೂನು ಕುರಿತು ತಿಳಿಸಿದರು. ಕಾನೂನು ಪರಿವೀಕ್ಷಣಾಧಿಕಾರಿ ಈಶ್ವರ್ ರಾವ್ ಅವರು, ಪೋಕ್ಸೊ ಕಾಯ್ದೆ ಕುರಿತು ಮಾಹಿತಿ ನೀಡಿದರು. ಪೊಲೀಸ್ ಇಲಾಖೆ ಮತ್ತು ಆರೋಗ್ಯ ಇಲಾಖೆಯ ಅಧಿಕಾರಿಗಳು ಮಕ್ಕಳ ಸುರಕ್ಷತೆ ಮತ್ತು ಆರೋಗ್ಯ ಕುರಿತು ಮಾಹಿತಿ ನೀಡಿದರು. ಆರೋಗ್ಯ ಇಲಾಖೆಯ ಆರೋಗ್ಯ ನಿರೀಕ್ಷಕ ಜಯಸಿಂಹ ಅವರು ಹೆಣ್ಣು ಮಕ್ಕಳ ಆರೋಗ್ಯ ಮತ್ತು ಋತುಚಕ್ರ ನೈರ್ಮಲ್ಯದ ಕುರಿತು ಮಾಹಿತಿ ನೀಡಿದರು. ಜಿಲ್ಲಾ ಮಕ್ಕಳ ರಕ್ಷಣಾ ಘಟಕದ ಯೋಜನೆಗಳ ಕುರಿತು ಮಕ್ಕಳ ರಕ್ಷಣಾಧಿಕಾರಿಗಳು
ಮಾರೆಪ್ಪ, ಸಂಸ್ಥಾಪಕರು ಮತ್ತು ಸಿರುಗುಪ್ಪ ತಾಲೂಕಿನ ಅಧಿಕಾರಿಗಳು ಭಾಗವಹಿಸಿದ್ದರು. ಶಿಶು ಅಭಿವೃದ್ಧಿ ಯೋಜನಾಧಿಕಾರಿ ಮೋಹನ್ ಎನ್.ಕಾಂಬ್ಳೆ, ಶಾಲೆಯ ಮುಖ್ಯ ಗುರುಗಳಾದ ಭಾಗ್ಯಮ್ಮ, ಬಿ.ಆರ್.ಪಿ ಸದಾನಂದಯ್ಯ, ಹಿಂದುಳಿದ ವರ್ಗಗಳ ಕಲ್ಯಾಣ ಇಲಾಖೆ ಅಧಿಕಾರಿ ಮಹೇಶ್ ಕುಮಾರ್, ಪೊಲೀಸ್ ಮುಖ್ಯ ಪೇದೆ ಗೀತಾ ಸೇರಿದಂತೆ ಶಾಲೆಯ ಸಿಬ್ಬಂದಿ, ವಸತಿ ನಿಲಯದ ಪ್ರಾಂಶುಪಾಲರು ಮತ್ತು ಮಕ್ಕಳು ಉಪಸ್ಥಿತರಿದ್ದರು.
ಕಿತ್ತೂರು ರಾಣಿ ಚೆನ್ನಮ್ಮ
ಪ್ರಶಸ್ತಿಗೆ ಅರ್ಜಿ ಆಹ್ವಾನ
ಹೊಸಪೇಟೆ ಟೈಮ್ಸ್ ನ್ಯೂಸ್
ವಿಜಯನಗರ(ಹೊಸಪೇಟೆ): 2024–25ನೇ ಸಾಲಿನಲ್ಲಿ ಅಂತರಾಷ್ಟ್ರೀಯ ಮಹಿಳಾ ದಿನಾಚರಣೆ ನಿಮಿತ್ತ ವಿವಿಧ ಕ್ಷೇತ್ರಗಳಲ್ಲಿ ಸಾಧನೆ ಮಾಡಿರುವ ಮಹಿಳೆಯರಿಗೆ ಕಿತ್ತೂರು ರಾಣಿ ಚೆನ್ನಮ್ಮ ಪ್ರಶಸ್ತಿ ನೀಡಲು ಅರ್ಜಿ ಆಹ್ವಾನಿಸಲಾಗಿದೆ ಎಂದು ಮಹಿಳಾ ಮತ್ತು ಮಕ್ಕಳ ಅಭಿವೃದ್ಧಿ ಇಲಾಖೆ ಉಪನಿರ್ದೇಶಕಿ ಎಸ್.ಶ್ವೇತಾ ತಿಳಿಸಿದ್ದಾರೆ. ಮಹಿಳೆಯರನ್ನು ಸಮಾಜದ ಮುಖ್ಯವಾಹಿನಿಯಲ್ಲಿ ಪ್ರತಿಬಿಂಬಿಸುವ ಅಂತರಾಷ್ಟ್ರೀಯ ಮಹಿಳಾ ದಿನಾಚರಣೆ ಅಂಗವಾಗಿ ಪ್ರತಿ ವರ್ಷ ರಾಜ್ಯ ಮಟ್ಟದಲ್ಲಿ ವಿವಿಧ ಕ್ಷೇತ್ರಗಳಲ್ಲಿ ಸಾಧನೆ ಮಾಡಿದ ಮಹಿಳೆಯರಿಗೆ ಕಿತ್ತೂರು ರಾಣಿ ಚೆನ್ನಮ್ಮ ಪ್ರಶಸ್ತಿ ನೀಡಿ ಗೌರವಿಸಲಾಗುತ್ತಿದೆ. ಮಹಿಳೆಯರ ಸ್ವಾವಲಂಬನೆ ಮತ್ತು ಸಬಲೀಕರಣ ಕ್ಷೇತ್ರದಲ್ಲಿ ಉತ್ತಮ ಸೇವೆ ಸಲ್ಲಿಸಿದ ವ್ಯಕ್ತಿಗಳು ಮತ್ತು ಸಂಘ ಸಂಸ್ಥೆಗಳಿಂದ ಅರ್ಜಿ ಆಹ್ವಾನಿಸಲಾಗಿದೆ. ಆಸಕ್ತರು ಅರ್ಜಿ ನಮೂನೆಯನ್ನು ಇಲಾಖೆಯ ಕಚೇರಿಯಿಂದ ಪಡೆದು ಭರ್ತಿ ಮಾಡಿ ಅಗತ್ಯ ದಾಖಲಾತಿಗಳೊಂದಿಗೆ ಅರ್ಜಿಗಳನ್ನು ಸಲ್ಲಿಸಬಹುದಾಗಿದೆ. ಆಯಾ ತಾಲೂಕಿನ ಶಿಶು ಅಭಿವೃದ್ಧಿ ಯೋಜನಾಧಿಕಾರಿಗಳ ಕಚೇರಿಗಳಲ್ಲಿ ಪಡೆದ ಅರ್ಜಿ ಪಡೆದು ದಾಖಲೆಗಳೊಂದಿಗೆ ಫೆ.14 ರೊಳಗಾಗಿ ಉಪನಿರ್ದೇಶಕರ ಕಚೇರಿ, ಮಹಿಳಾ ಮತ್ತು ಮಕ್ಕಳ ಅಭಿವೃದ್ಧಿ ಇಲಾಖೆ, ವಿಜಯನಗರ ಕಚೇರಿಗೆ ಸಲ್ಲಿಸಬಹುದಾಗಿದೆ.
